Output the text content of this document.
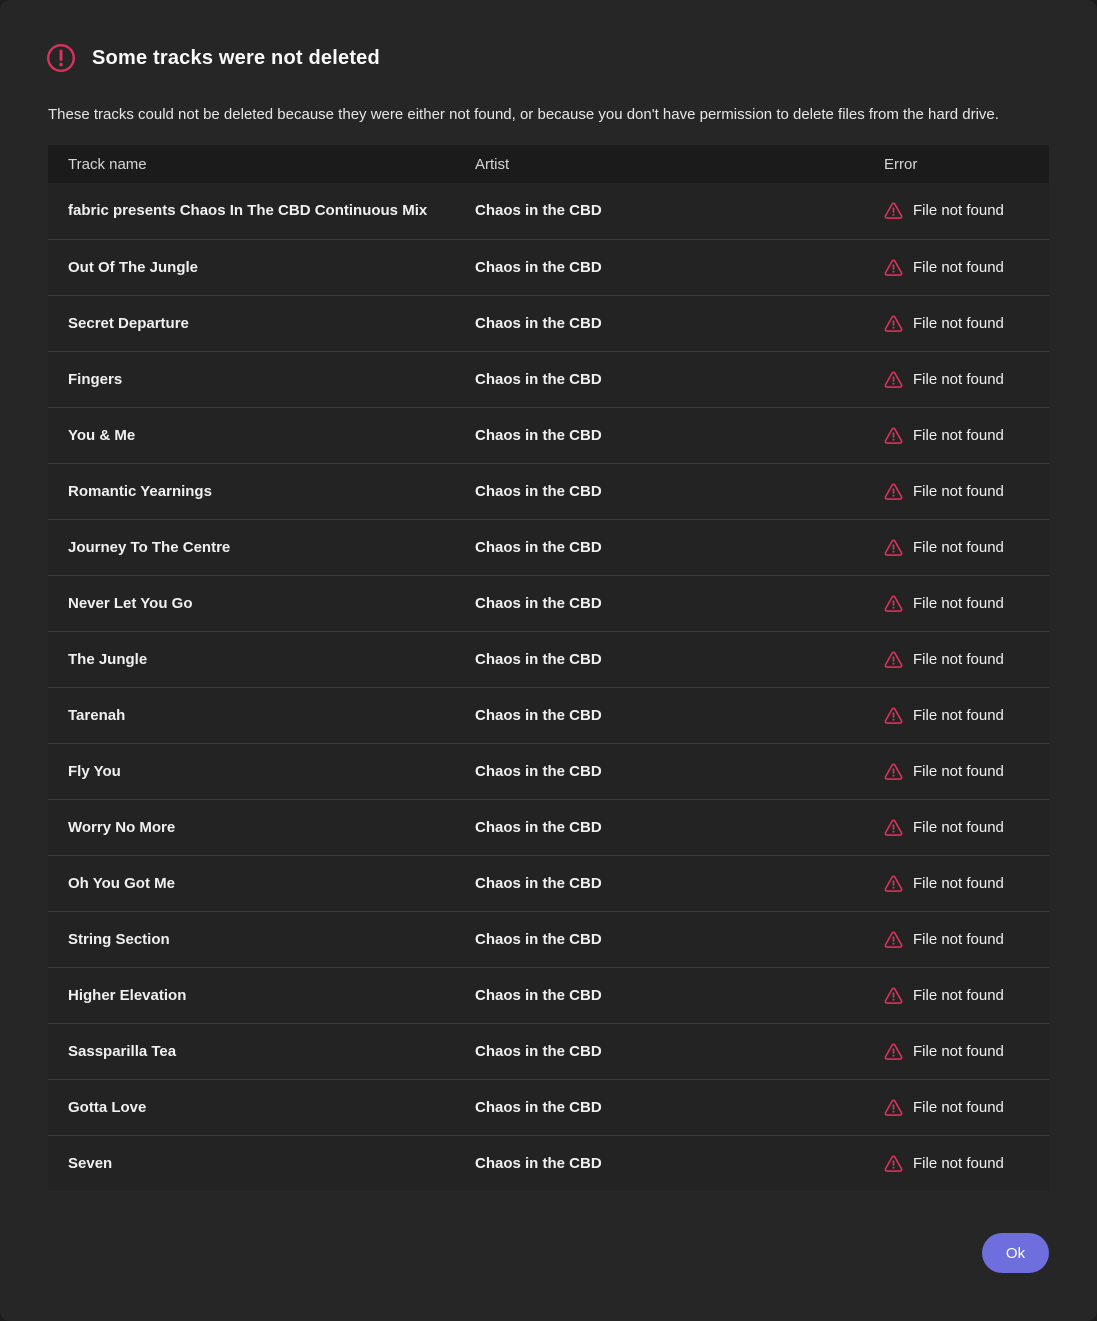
Some tracks were not deleted
These tracks could not be deleted because they were either not found, or because you don't have permission to delete files from the hard drive.
Track name	Artist	Error
fabric presents Chaos In The CBD Continuous Mix	Chaos in the CBD	File not found

Out Of The Jungle	Chaos in the CBD	File not found

Secret Departure	Chaos in the CBD	File not found

Fingers	Chaos in the CBD	File not found

You & Me	Chaos in the CBD	File not found

Romantic Yearnings	Chaos in the CBD	File not found

Journey To The Centre	Chaos in the CBD	File not found

Never Let You Go	Chaos in the CBD	File not found

The Jungle	Chaos in the CBD	File not found

Tarenah	Chaos in the CBD	File not found

Fly You	Chaos in the CBD	File not found

Worry No More	Chaos in the CBD	File not found

Oh You Got Me	Chaos in the CBD	File not found

String Section	Chaos in the CBD	File not found

Higher Elevation	Chaos in the CBD	File not found

Sassparilla Tea	Chaos in the CBD	File not found

Gotta Love	Chaos in the CBD	File not found

Seven	Chaos in the CBD	File not found
Ok
